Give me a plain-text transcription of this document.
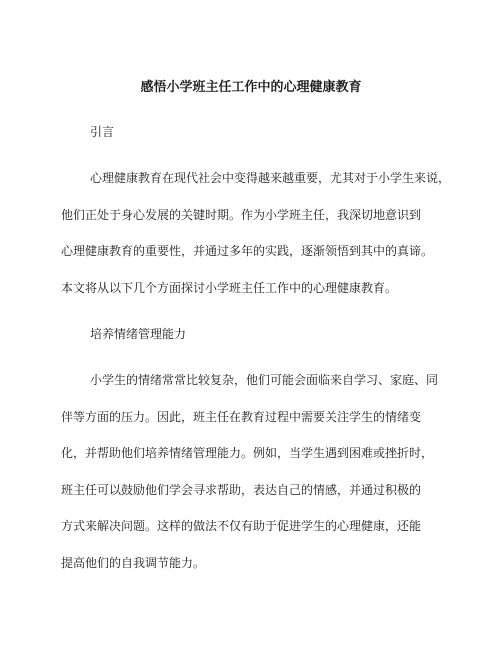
感悟小学班主任工作中的心理健康教育
引言
心理健康教育在现代社会中变得越来越重要，尤其对于小学生来说，
他们正处于身心发展的关键时期。作为小学班主任，我深切地意识到
心理健康教育的重要性，并通过多年的实践，逐渐领悟到其中的真谛。
本文将从以下几个方面探讨小学班主任工作中的心理健康教育。
培养情绪管理能力
小学生的情绪常常比较复杂，他们可能会面临来自学习、家庭、同
伴等方面的压力。因此，班主任在教育过程中需要关注学生的情绪变
化，并帮助他们培养情绪管理能力。例如，当学生遇到困难或挫折时，
班主任可以鼓励他们学会寻求帮助，表达自己的情感，并通过积极的
方式来解决问题。这样的做法不仅有助于促进学生的心理健康，还能
提高他们的自我调节能力。
